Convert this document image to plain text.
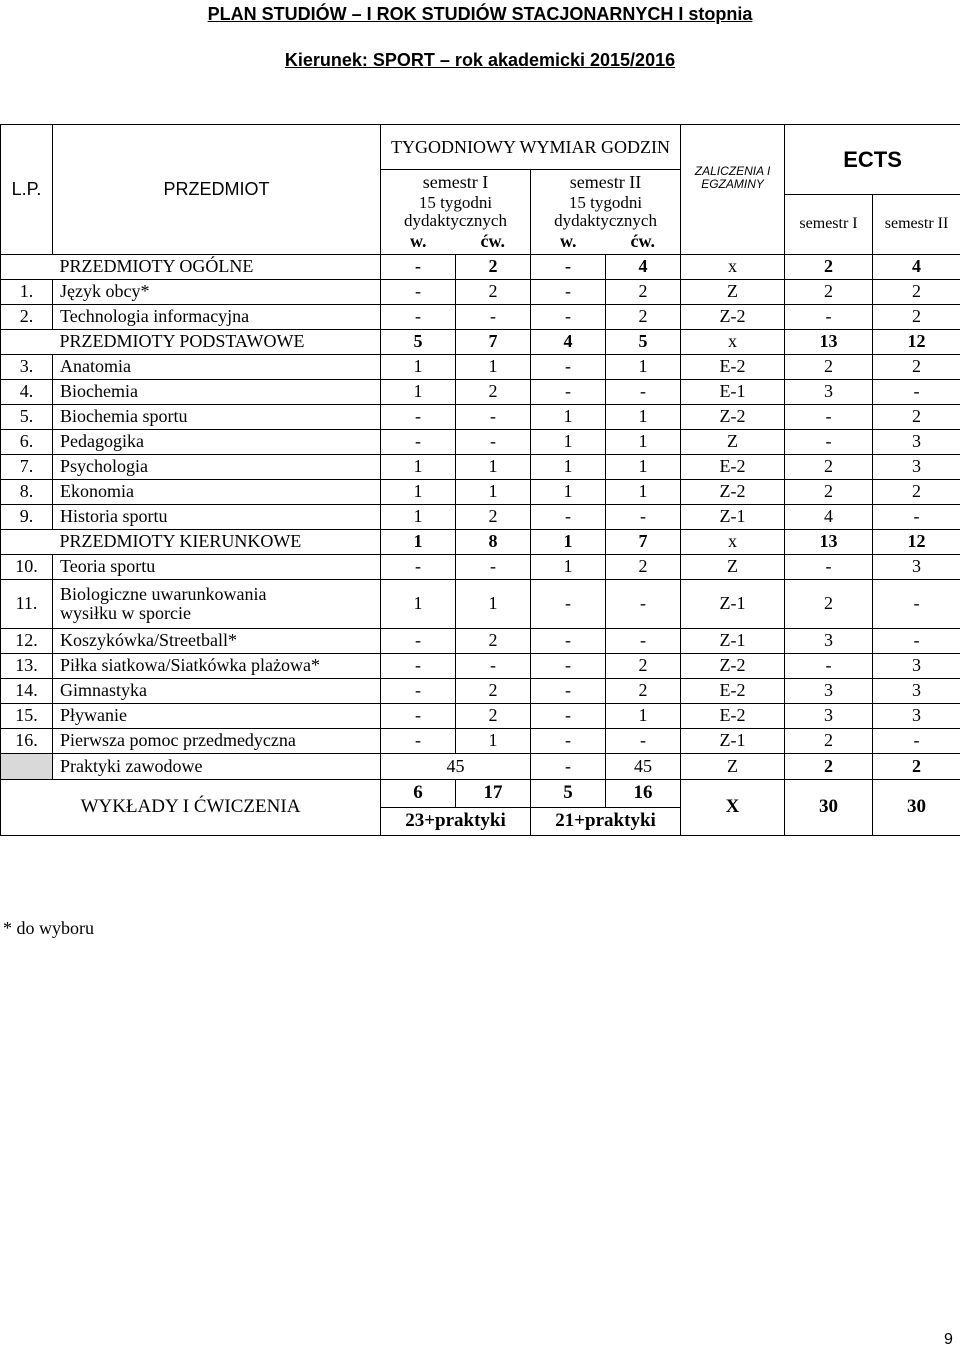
PLAN STUDIÓW – I ROK STUDIÓW STACJONARNYCH I stopnia
Kierunek: SPORT – rok akademicki 2015/2016
L.P.	PRZEDMIOT	TYGODNIOWY WYMIAR GODZIN				ZALICZENIA I EGZAMINY	ECTS	
		semestr I		semestr II				
		15 tygodni dydaktycznych		15 tygodni dydaktycznych			semestr I	semestr II

		w.	ćw.	w.	ćw.			
	PRZEDMIOTY OGÓLNE	-	2	-	4	x	2	4
1.	Język obcy*	-	2	-	2	Z	2	2
2.	Technologia informacyjna	-	-	-	2	Z-2	-	2
	PRZEDMIOTY PODSTAWOWE	5	7	4	5	x	13	12
3.	Anatomia	1	1	-	1	E-2	2	2
4.	Biochemia	1	2	-	-	E-1	3	-
5.	Biochemia sportu	-	-	1	1	Z-2	-	2
6.	Pedagogika	-	-	1	1	Z	-	3
7.	Psychologia	1	1	1	1	E-2	2	3
8.	Ekonomia	1	1	1	1	Z-2	2	2
9.	Historia sportu	1	2	-	-	Z-1	4	-
	PRZEDMIOTY KIERUNKOWE	1	8	1	7	x	13	12
10.	Teoria sportu	-	-	1	2	Z	-	3
11.	Biologiczne uwarunkowania
wysiłku w sporcie	1	1	-	-	Z-1	2	-
12.	Koszykówka/Streetball*	-	2	-	-	Z-1	3	-
13.	Piłka siatkowa/Siatkówka plażowa*	-	-	-	2	Z-2	-	3
14.	Gimnastyka	-	2	-	2	E-2	3	3
15.	Pływanie	-	2	-	1	E-2	3	3
16.	Pierwsza pomoc przedmedyczna	-	1	-	-	Z-1	2	-
	Praktyki zawodowe	45		-	45	Z	2	2
WYKŁADY I ĆWICZENIA		6	17	5	16	X	30	30
		23+praktyki		21+praktyki				
* do wyboru
9
